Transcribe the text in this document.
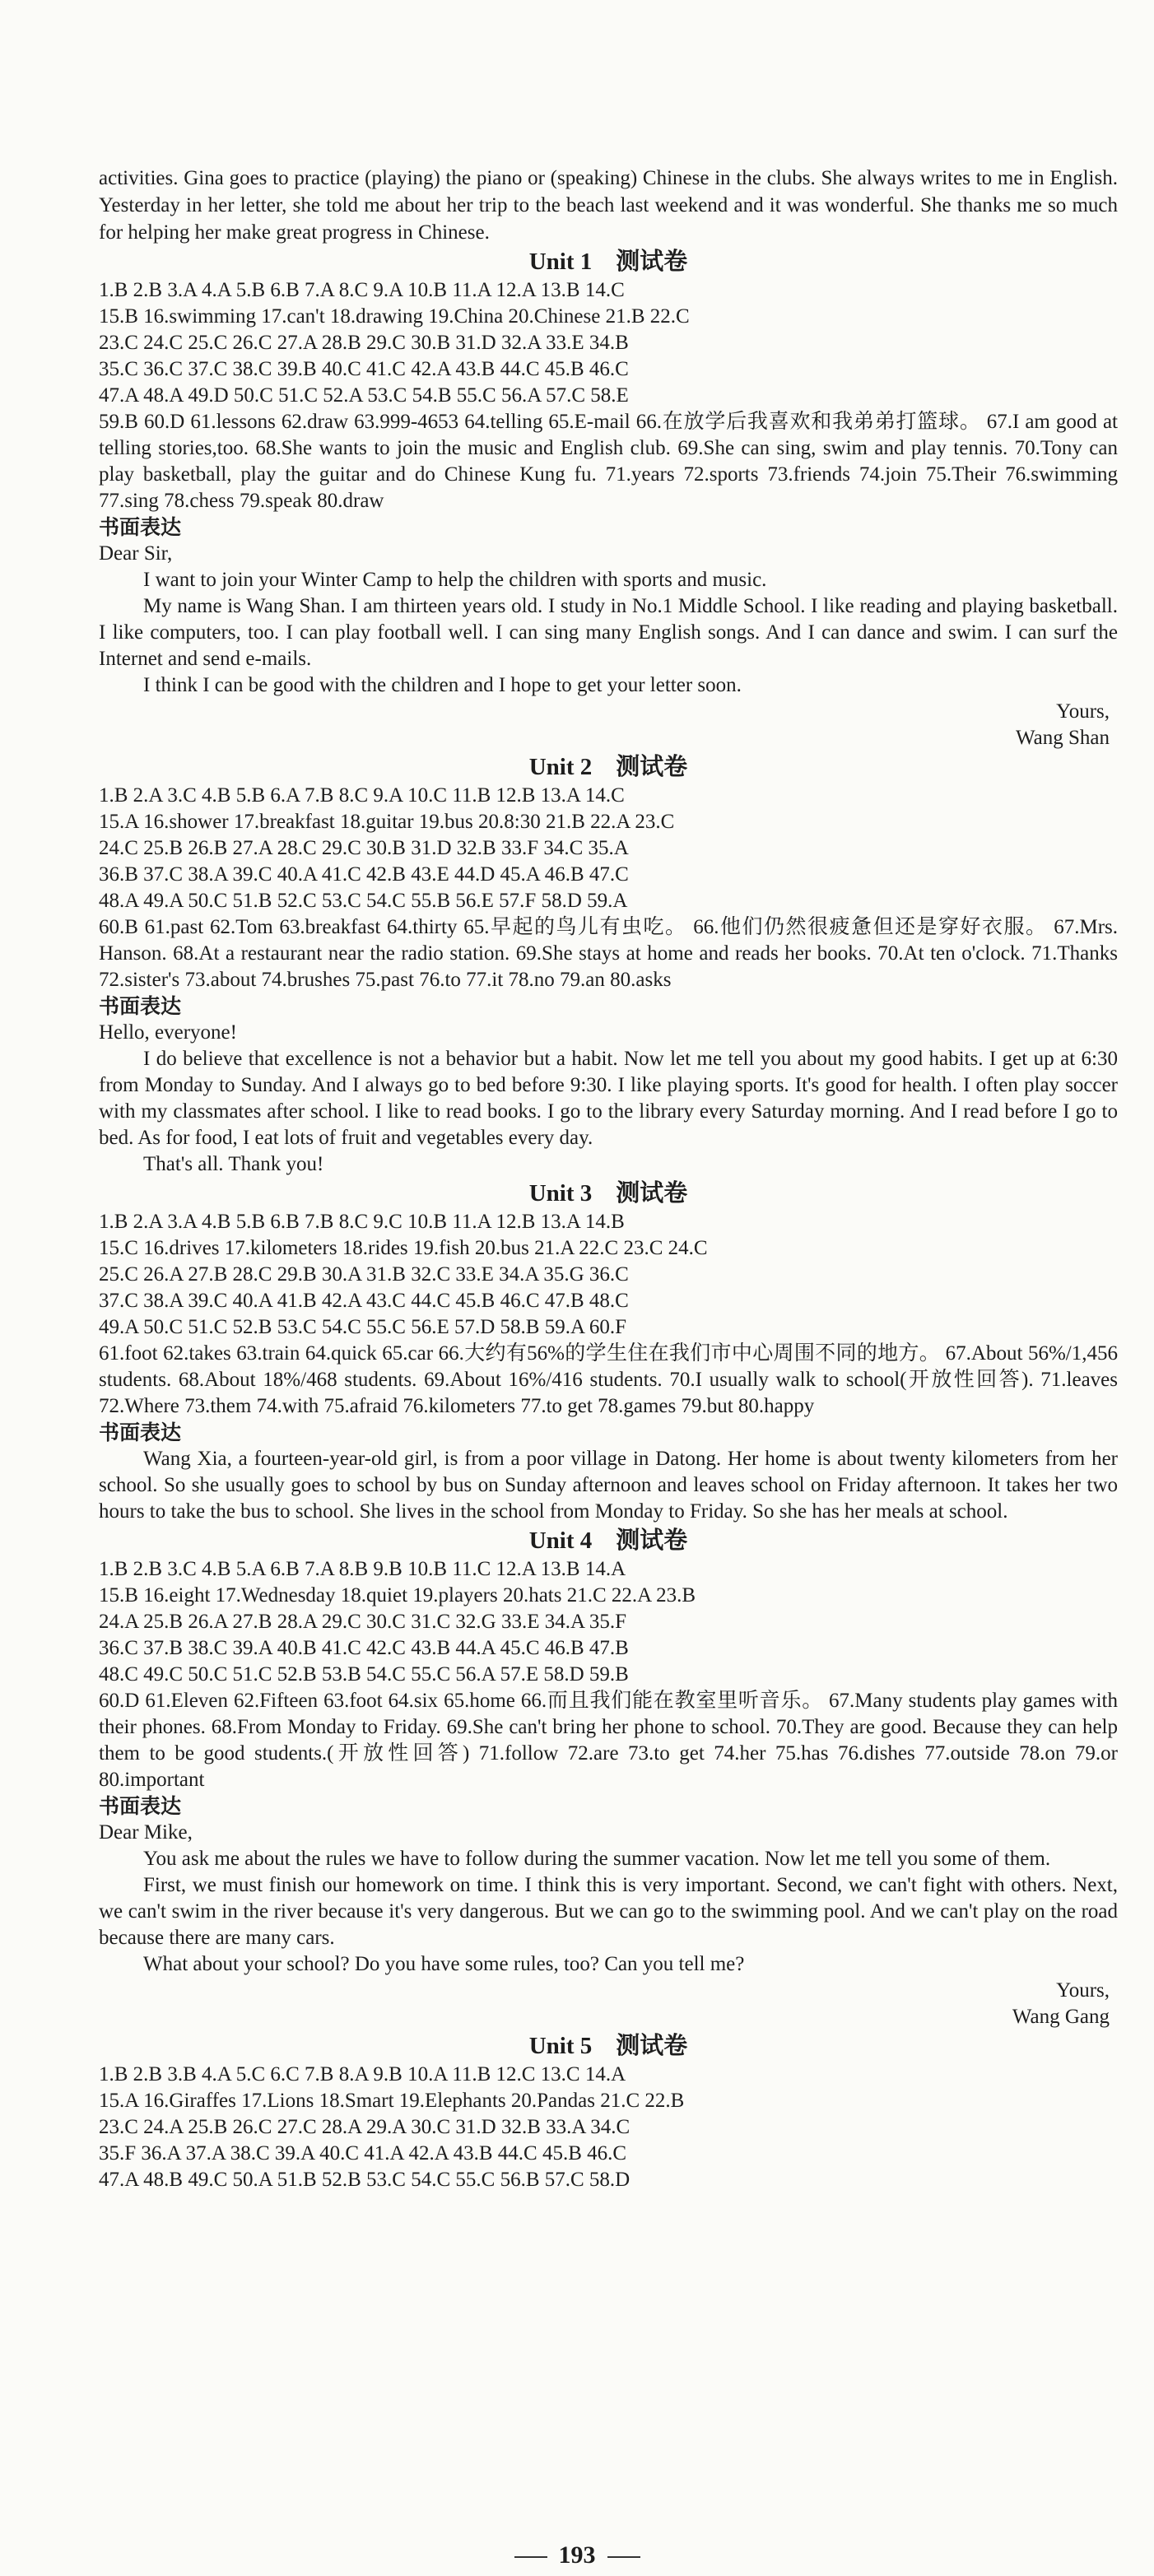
activities. Gina goes to practice (playing) the piano or (speaking) Chinese in the clubs. She always writes to me in English. Yesterday in her letter, she told me about her trip to the beach last weekend and it was wonderful. She thanks me so much for helping her make great progress in Chinese.

Unit 1　测试卷

1.B 2.B 3.A 4.A 5.B 6.B 7.A 8.C 9.A 10.B 11.A 12.A 13.B 14.C

15.B 16.swimming 17.can't 18.drawing 19.China 20.Chinese 21.B 22.C

23.C 24.C 25.C 26.C 27.A 28.B 29.C 30.B 31.D 32.A 33.E 34.B

35.C 36.C 37.C 38.C 39.B 40.C 41.C 42.A 43.B 44.C 45.B 46.C

47.A 48.A 49.D 50.C 51.C 52.A 53.C 54.B 55.C 56.A 57.C 58.E

59.B 60.D 61.lessons 62.draw 63.999-4653 64.telling 65.E-mail 66.在放学后我喜欢和我弟弟打篮球。 67.I am good at telling stories,too. 68.She wants to join the music and English club. 69.She can sing, swim and play tennis. 70.Tony can play basketball, play the guitar and do Chinese Kung fu. 71.years 72.sports 73.friends 74.join 75.Their 76.swimming 77.sing 78.chess 79.speak 80.draw

书面表达

Dear Sir,

I want to join your Winter Camp to help the children with sports and music.

My name is Wang Shan. I am thirteen years old. I study in No.1 Middle School. I like reading and playing basketball. I like computers, too. I can play football well. I can sing many English songs. And I can dance and swim. I can surf the Internet and send e-mails.

I think I can be good with the children and I hope to get your letter soon.

Yours,

Wang Shan

Unit 2　测试卷

1.B 2.A 3.C 4.B 5.B 6.A 7.B 8.C 9.A 10.C 11.B 12.B 13.A 14.C

15.A 16.shower 17.breakfast 18.guitar 19.bus 20.8:30 21.B 22.A 23.C

24.C 25.B 26.B 27.A 28.C 29.C 30.B 31.D 32.B 33.F 34.C 35.A

36.B 37.C 38.A 39.C 40.A 41.C 42.B 43.E 44.D 45.A 46.B 47.C

48.A 49.A 50.C 51.B 52.C 53.C 54.C 55.B 56.E 57.F 58.D 59.A

60.B 61.past 62.Tom 63.breakfast 64.thirty 65.早起的鸟儿有虫吃。 66.他们仍然很疲惫但还是穿好衣服。 67.Mrs. Hanson. 68.At a restaurant near the radio station. 69.She stays at home and reads her books. 70.At ten o'clock. 71.Thanks 72.sister's 73.about 74.brushes 75.past 76.to 77.it 78.no 79.an 80.asks

书面表达

Hello, everyone!

I do believe that excellence is not a behavior but a habit. Now let me tell you about my good habits. I get up at 6:30 from Monday to Sunday. And I always go to bed before 9:30. I like playing sports. It's good for health. I often play soccer with my classmates after school. I like to read books. I go to the library every Saturday morning. And I read before I go to bed. As for food, I eat lots of fruit and vegetables every day.

That's all. Thank you!

Unit 3　测试卷

1.B 2.A 3.A 4.B 5.B 6.B 7.B 8.C 9.C 10.B 11.A 12.B 13.A 14.B

15.C 16.drives 17.kilometers 18.rides 19.fish 20.bus 21.A 22.C 23.C 24.C

25.C 26.A 27.B 28.C 29.B 30.A 31.B 32.C 33.E 34.A 35.G 36.C

37.C 38.A 39.C 40.A 41.B 42.A 43.C 44.C 45.B 46.C 47.B 48.C

49.A 50.C 51.C 52.B 53.C 54.C 55.C 56.E 57.D 58.B 59.A 60.F

61.foot 62.takes 63.train 64.quick 65.car 66.大约有56%的学生住在我们市中心周围不同的地方。 67.About 56%/1,456 students. 68.About 18%/468 students. 69.About 16%/416 students. 70.I usually walk to school(开放性回答). 71.leaves 72.Where 73.them 74.with 75.afraid 76.kilometers 77.to get 78.games 79.but 80.happy

书面表达

Wang Xia, a fourteen-year-old girl, is from a poor village in Datong. Her home is about twenty kilometers from her school. So she usually goes to school by bus on Sunday afternoon and leaves school on Friday afternoon. It takes her two hours to take the bus to school. She lives in the school from Monday to Friday. So she has her meals at school.

Unit 4　测试卷

1.B 2.B 3.C 4.B 5.A 6.B 7.A 8.B 9.B 10.B 11.C 12.A 13.B 14.A

15.B 16.eight 17.Wednesday 18.quiet 19.players 20.hats 21.C 22.A 23.B

24.A 25.B 26.A 27.B 28.A 29.C 30.C 31.C 32.G 33.E 34.A 35.F

36.C 37.B 38.C 39.A 40.B 41.C 42.C 43.B 44.A 45.C 46.B 47.B

48.C 49.C 50.C 51.C 52.B 53.B 54.C 55.C 56.A 57.E 58.D 59.B

60.D 61.Eleven 62.Fifteen 63.foot 64.six 65.home 66.而且我们能在教室里听音乐。 67.Many students play games with their phones. 68.From Monday to Friday. 69.She can't bring her phone to school. 70.They are good. Because they can help them to be good students.(开放性回答) 71.follow 72.are 73.to get 74.her 75.has 76.dishes 77.outside 78.on 79.or 80.important

书面表达

Dear Mike,

You ask me about the rules we have to follow during the summer vacation. Now let me tell you some of them.

First, we must finish our homework on time. I think this is very important. Second, we can't fight with others. Next, we can't swim in the river because it's very dangerous. But we can go to the swimming pool. And we can't play on the road because there are many cars.

What about your school? Do you have some rules, too? Can you tell me?

Yours,

Wang Gang

Unit 5　测试卷

1.B 2.B 3.B 4.A 5.C 6.C 7.B 8.A 9.B 10.A 11.B 12.C 13.C 14.A

15.A 16.Giraffes 17.Lions 18.Smart 19.Elephants 20.Pandas 21.C 22.B

23.C 24.A 25.B 26.C 27.C 28.A 29.A 30.C 31.D 32.B 33.A 34.C

35.F 36.A 37.A 38.C 39.A 40.C 41.A 42.A 43.B 44.C 45.B 46.C

47.A 48.B 49.C 50.A 51.B 52.B 53.C 54.C 55.C 56.B 57.C 58.D

193
